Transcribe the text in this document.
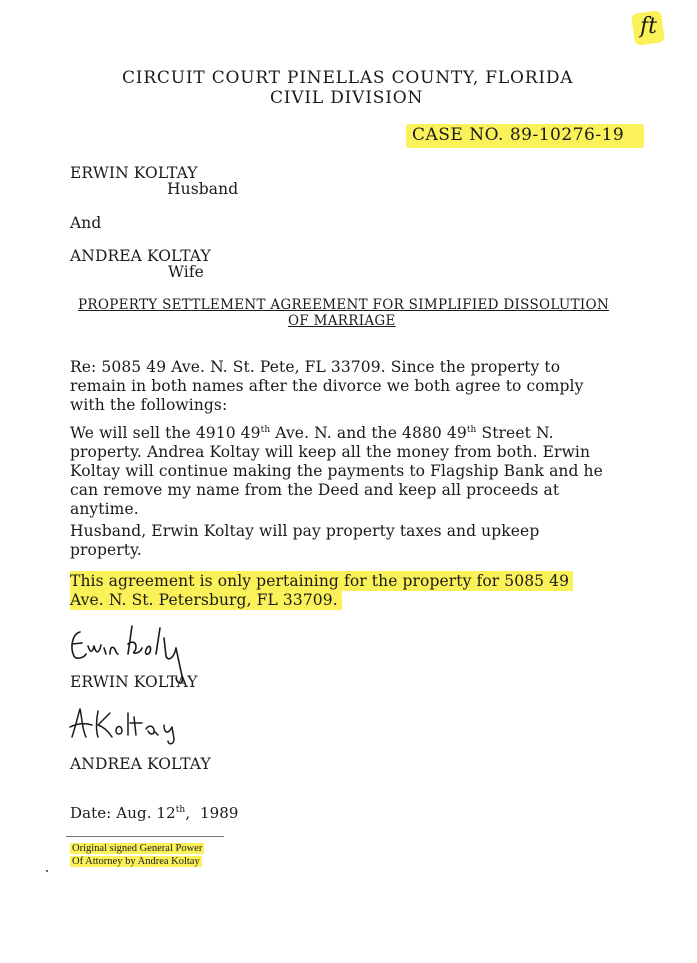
ft
CIRCUIT COURT PINELLAS COUNTY, FLORIDA
CIVIL DIVISION
CASE NO. 89-10276-19
ERWIN KOLTAY
Husband
And
ANDREA KOLTAY
Wife
PROPERTY SETTLEMENT AGREEMENT FOR SIMPLIFIED DISSOLUTION
OF MARRIAGE
Re: 5085 49 Ave. N. St. Pete, FL 33709. Since the property to remain in both names after the divorce we both agree to comply with the followings:
We will sell the 4910 49th Ave. N. and the 4880 49th Street N. property. Andrea Koltay will keep all the money from both. Erwin Koltay will continue making the payments to Flagship Bank and he can remove my name from the Deed and keep all proceeds at anytime.
Husband, Erwin Koltay will pay property taxes and upkeep property.
This agreement is only pertaining for the property for 5085 49
Ave. N. St. Petersburg, FL 33709.
ERWIN KOLTAY
ANDREA KOLTAY
Date: Aug. 12th,  1989
Original signed General Power
Of Attorney by Andrea Koltay
